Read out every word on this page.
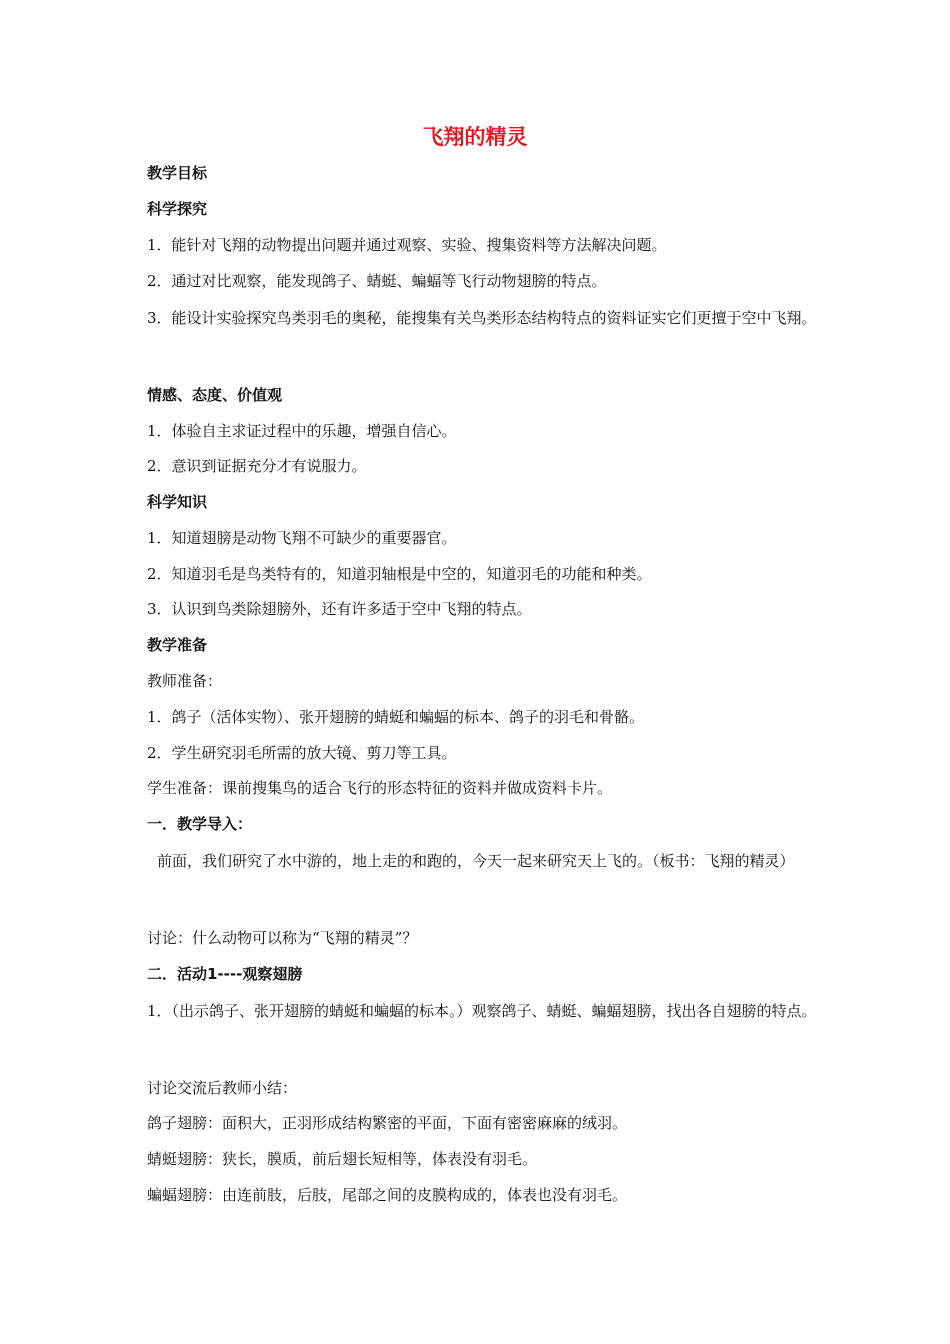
飞翔的精灵
教学目标
科学探究
1．能针对飞翔的动物提出问题并通过观察、实验、搜集资料等方法解决问题。
2．通过对比观察，能发现鸽子、蜻蜓、蝙蝠等飞行动物翅膀的特点。
3．能设计实验探究鸟类羽毛的奥秘，能搜集有关鸟类形态结构特点的资料证实它们更擅于空中飞翔。
情感、态度、价值观
1．体验自主求证过程中的乐趣，增强自信心。
2．意识到证据充分才有说服力。
科学知识
1．知道翅膀是动物飞翔不可缺少的重要器官。
2．知道羽毛是鸟类特有的，知道羽轴根是中空的，知道羽毛的功能和种类。
3．认识到鸟类除翅膀外，还有许多适于空中飞翔的特点。
教学准备
教师准备：
1．鸽子（活体实物）、张开翅膀的蜻蜓和蝙蝠的标本、鸽子的羽毛和骨骼。
2．学生研究羽毛所需的放大镜、剪刀等工具。
学生准备：课前搜集鸟的适合飞行的形态特征的资料并做成资料卡片。
一．教学导入：
前面，我们研究了水中游的，地上走的和跑的，今天一起来研究天上飞的。（板书：飞翔的精灵）
讨论：什么动物可以称为“飞翔的精灵”？
二．活动1----观察翅膀
1．（出示鸽子、张开翅膀的蜻蜓和蝙蝠的标本。）观察鸽子、蜻蜓、蝙蝠翅膀，找出各自翅膀的特点。
讨论交流后教师小结：
鸽子翅膀：面积大，正羽形成结构繁密的平面，下面有密密麻麻的绒羽。
蜻蜓翅膀：狭长，膜质，前后翅长短相等，体表没有羽毛。
蝙蝠翅膀：由连前肢，后肢，尾部之间的皮膜构成的，体表也没有羽毛。
